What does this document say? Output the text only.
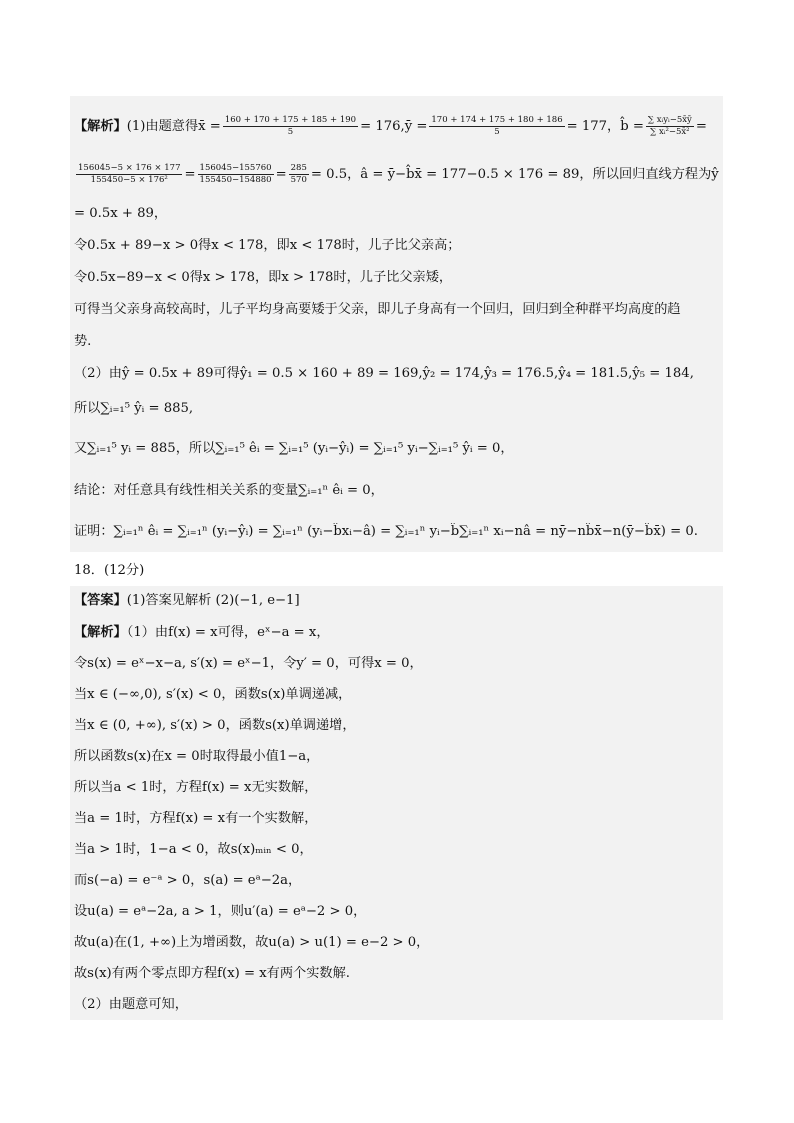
【解析】(1)由题意得x̄ = $\frac{160 + 170 + 175 + 185 + 190}{5}$ = 176,ȳ = $\frac{170 + 174 + 175 + 180 + 186}{5} = 177$，b̂ = $\frac{\text{∑ xᵢyᵢ−5x̄ȳ}}{\text{∑ xᵢ²−5x̄²}}$ =
$\frac{156045-5 \times 176 \times 177}{\text{155450−5 × 176²}} = \frac{156045-155760}{155450-154880} = \frac{285}{570} = 0.5$，â = ȳ−b̂x̄ = 177−0.5 × 176 = 89，所以回归直线方程为ŷ
= 0.5x + 89，
令0.5x + 89−x > 0得x < 178，即x < 178时，儿子比父亲高；
令0.5x−89−x < 0得x > 178，即x > 178时，儿子比父亲矮，
可得当父亲身高较高时，儿子平均身高要矮于父亲，即儿子身高有一个回归，回归到全种群平均高度的趋
势.
（2）由ŷ = 0.5x + 89可得ŷ₁ = 0.5 × 160 + 89 = 169,ŷ₂ = 174,ŷ₃ = 176.5,ŷ₄ = 181.5,ŷ₅ = 184,
所以∑ᵢ₌₁⁵ ŷᵢ = 885,
又∑ᵢ₌₁⁵ yᵢ = 885，所以∑ᵢ₌₁⁵ êᵢ = ∑ᵢ₌₁⁵ (yᵢ−ŷᵢ) = ∑ᵢ₌₁⁵ yᵢ−∑ᵢ₌₁⁵ ŷᵢ = 0，
结论：对任意具有线性相关关系的变量∑ᵢ₌₁ⁿ êᵢ = 0，
证明：∑ᵢ₌₁ⁿ êᵢ = ∑ᵢ₌₁ⁿ (yᵢ−ŷᵢ) = ∑ᵢ₌₁ⁿ (yᵢ−b̂xᵢ−â) = ∑ᵢ₌₁ⁿ yᵢ−b̂∑ᵢ₌₁ⁿ xᵢ−nâ = nȳ−nb̂x̄−n(ȳ−b̂x̄) = 0.
18．(12分)
【答案】(1)答案见解析 (2)(−1, e−1]
【解析】（1）由f(x) = x可得，eˣ−a = x，
令s(x) = eˣ−x−a, s′(x) = eˣ−1，令y′ = 0，可得x = 0，
当x ∈ (−∞,0), s′(x) < 0，函数s(x)单调递减，
当x ∈ (0, +∞), s′(x) > 0，函数s(x)单调递增，
所以函数s(x)在x = 0时取得最小值1−a，
所以当a < 1时，方程f(x) = x无实数解，
当a = 1时，方程f(x) = x有一个实数解，
当a > 1时，1−a < 0，故s(x)ₘᵢₙ < 0，
而s(−a) = e⁻ᵃ > 0，s(a) = eᵃ−2a，
设u(a) = eᵃ−2a, a > 1，则u′(a) = eᵃ−2 > 0，
故u(a)在(1, +∞)上为增函数，故u(a) > u(1) = e−2 > 0，
故s(x)有两个零点即方程f(x) = x有两个实数解.
（2）由题意可知，
